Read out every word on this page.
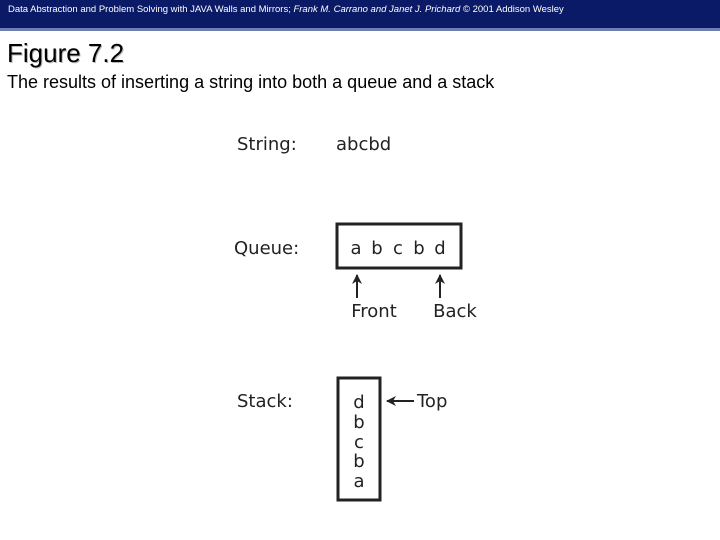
Data Abstraction and Problem Solving with JAVA Walls and Mirrors; Frank M. Carrano and Janet J. Prichard © 2001 Addison Wesley
Figure 7.2
The results of inserting a string into both a queue and a stack
String: abcbd
Queue:	a b c b d
Front Back
Stack:	d
b
c
b
a
Top
